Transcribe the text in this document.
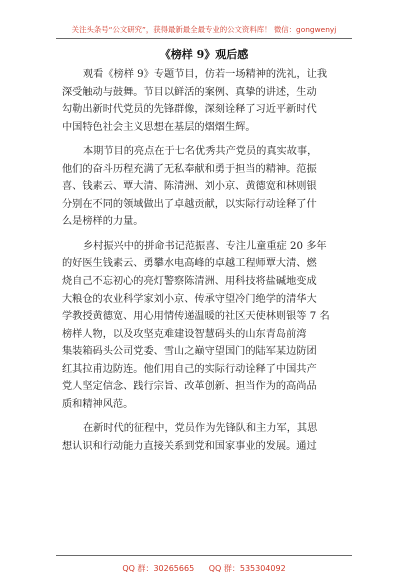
关注头条号“公文研究”，获得最新最全最专业的公文资料库！ 微信：gongwenyj
《榜样 9》观后感
观看《榜样 9》专题节目，仿若一场精神的洗礼，让我
深受触动与鼓舞。节目以鲜活的案例、真挚的讲述，生动
勾勒出新时代党员的先锋群像，深刻诠释了习近平新时代
中国特色社会主义思想在基层的熠熠生辉。
本期节目的亮点在于七名优秀共产党员的真实故事，
他们的奋斗历程充满了无私奉献和勇于担当的精神。范振
喜、钱素云、覃大清、陈清洲、刘小京、黄德宽和林则银
分别在不同的领域做出了卓越贡献，以实际行动诠释了什
么是榜样的力量。
乡村振兴中的拼命书记范振喜、专注儿童重症 20 多年
的好医生钱素云、勇攀水电高峰的卓越工程师覃大清、燃
烧自己不忘初心的亮灯警察陈清洲、用科技将盐碱地变成
大粮仓的农业科学家刘小京、传承守望冷门绝学的清华大
学教授黄德宽、用心用情传递温暖的社区天使林则银等 7 名
榜样人物，以及攻坚克难建设智慧码头的山东青岛前湾
集装箱码头公司党委、雪山之巅守望国门的陆军某边防团
红其拉甫边防连。他们用自己的实际行动诠释了中国共产
党人坚定信念、践行宗旨、改革创新、担当作为的高尚品
质和精神风范。
在新时代的征程中，党员作为先锋队和主力军，其思
想认识和行动能力直接关系到党和国家事业的发展。通过
QQ 群：30265665 QQ 群：535304092
